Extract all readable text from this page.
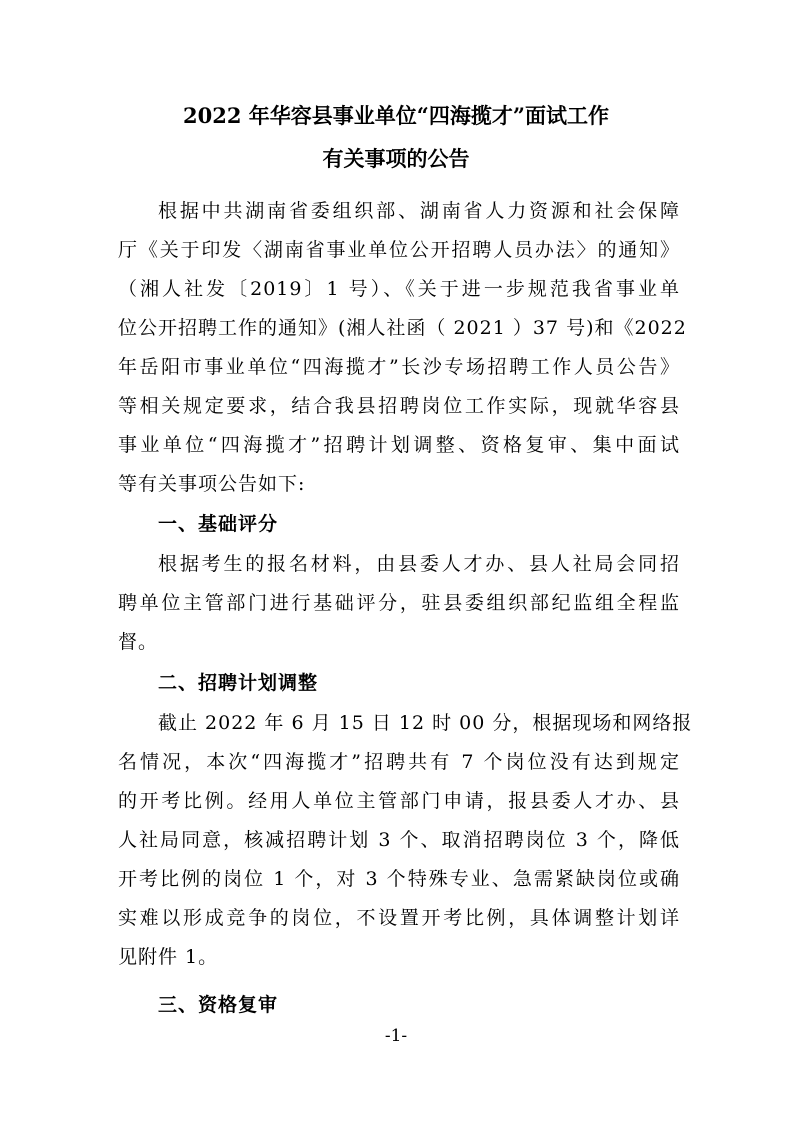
2022 年华容县事业单位“四海揽才”面试工作
有关事项的公告
根据中共湖南省委组织部、湖南省人力资源和社会保障
厅《关于印发〈湖南省事业单位公开招聘人员办法〉的通知》
（湘人社发〔2019〕1 号）、《关于进一步规范我省事业单
位公开招聘工作的通知》(湘人社函（ 2021 ）37 号)和《2022
年岳阳市事业单位“四海揽才”长沙专场招聘工作人员公告》
等相关规定要求，结合我县招聘岗位工作实际，现就华容县
事业单位“四海揽才”招聘计划调整、资格复审、集中面试
等有关事项公告如下:
一、基础评分
根据考生的报名材料，由县委人才办、县人社局会同招
聘单位主管部门进行基础评分，驻县委组织部纪监组全程监
督。
二、招聘计划调整
截止 2022 年 6 月 15 日 12 时 00 分，根据现场和网络报
名情况，本次“四海揽才”招聘共有 7 个岗位没有达到规定
的开考比例。经用人单位主管部门申请，报县委人才办、县
人社局同意，核减招聘计划 3 个、取消招聘岗位 3 个，降低
开考比例的岗位 1 个，对 3 个特殊专业、急需紧缺岗位或确
实难以形成竞争的岗位，不设置开考比例，具体调整计划详
见附件 1。
三、资格复审
-1-
